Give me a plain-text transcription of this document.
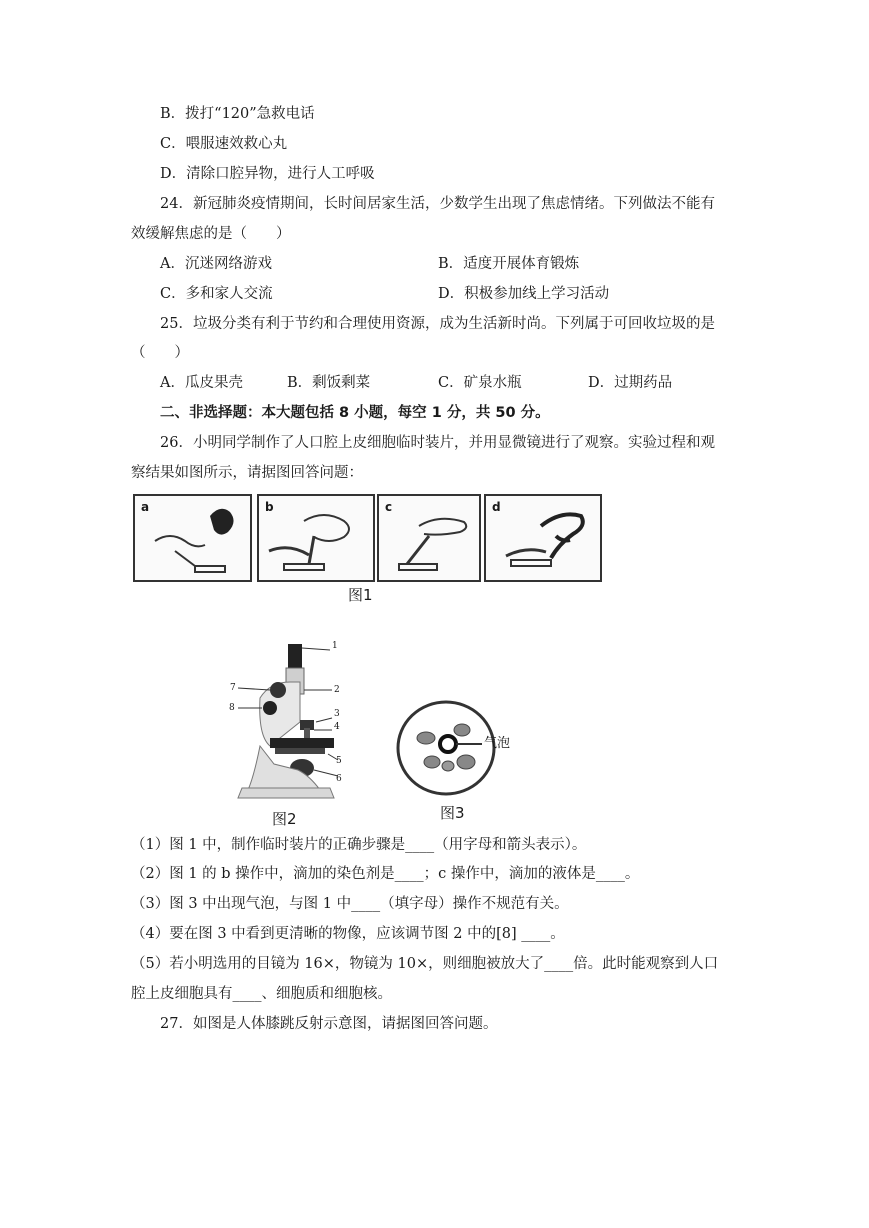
B．拨打“120”急救电话
C．喂服速效救心丸
D．清除口腔异物，进行人工呼吸
24．新冠肺炎疫情期间，长时间居家生活，少数学生出现了焦虑情绪。下列做法不能有
效缓解焦虑的是（　　）
A．沉迷网络游戏	B．适度开展体育锻炼
C．多和家人交流	D．积极参加线上学习活动
25．垃圾分类有利于节约和合理使用资源，成为生活新时尚。下列属于可回收垃圾的是
（　　）
A．瓜皮果壳	B．剩饭剩菜	C．矿泉水瓶	D．过期药品
二、非选择题：本大题包括 8 小题，每空 1 分，共 50 分。
26．小明同学制作了人口腔上皮细胞临时装片，并用显微镜进行了观察。实验过程和观
察结果如图所示，请据图回答问题：
a	b	c	d
图1
1
2
3
4
5
6
7
8
图2
气泡
图3
（1）图 1 中，制作临时装片的正确步骤是____（用字母和箭头表示）。
（2）图 1 的 b 操作中，滴加的染色剂是____；c 操作中，滴加的液体是____。
（3）图 3 中出现气泡，与图 1 中____（填字母）操作不规范有关。
（4）要在图 3 中看到更清晰的物像，应该调节图 2 中的[8] ____。
（5）若小明选用的目镜为 16×，物镜为 10×，则细胞被放大了____倍。此时能观察到人口
腔上皮细胞具有____、细胞质和细胞核。
27．如图是人体膝跳反射示意图，请据图回答问题。
